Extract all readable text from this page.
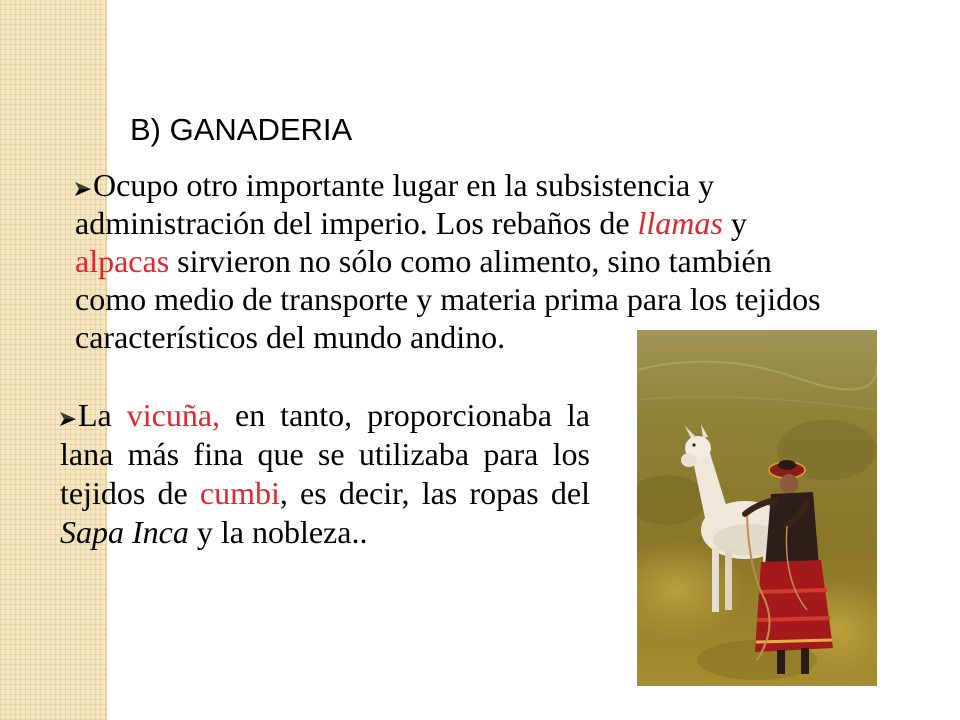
B) GANADERIA
Ocupo otro importante lugar en la subsistencia y
administración del imperio. Los rebaños de llamas y
alpacas sirvieron no sólo como alimento, sino también
como medio de transporte y materia prima para los tejidos
característicos del mundo andino.
La vicuña, en tanto, proporcionaba la
lana más fina que se utilizaba para los
tejidos de cumbi, es decir, las ropas del
Sapa Inca y la nobleza..
